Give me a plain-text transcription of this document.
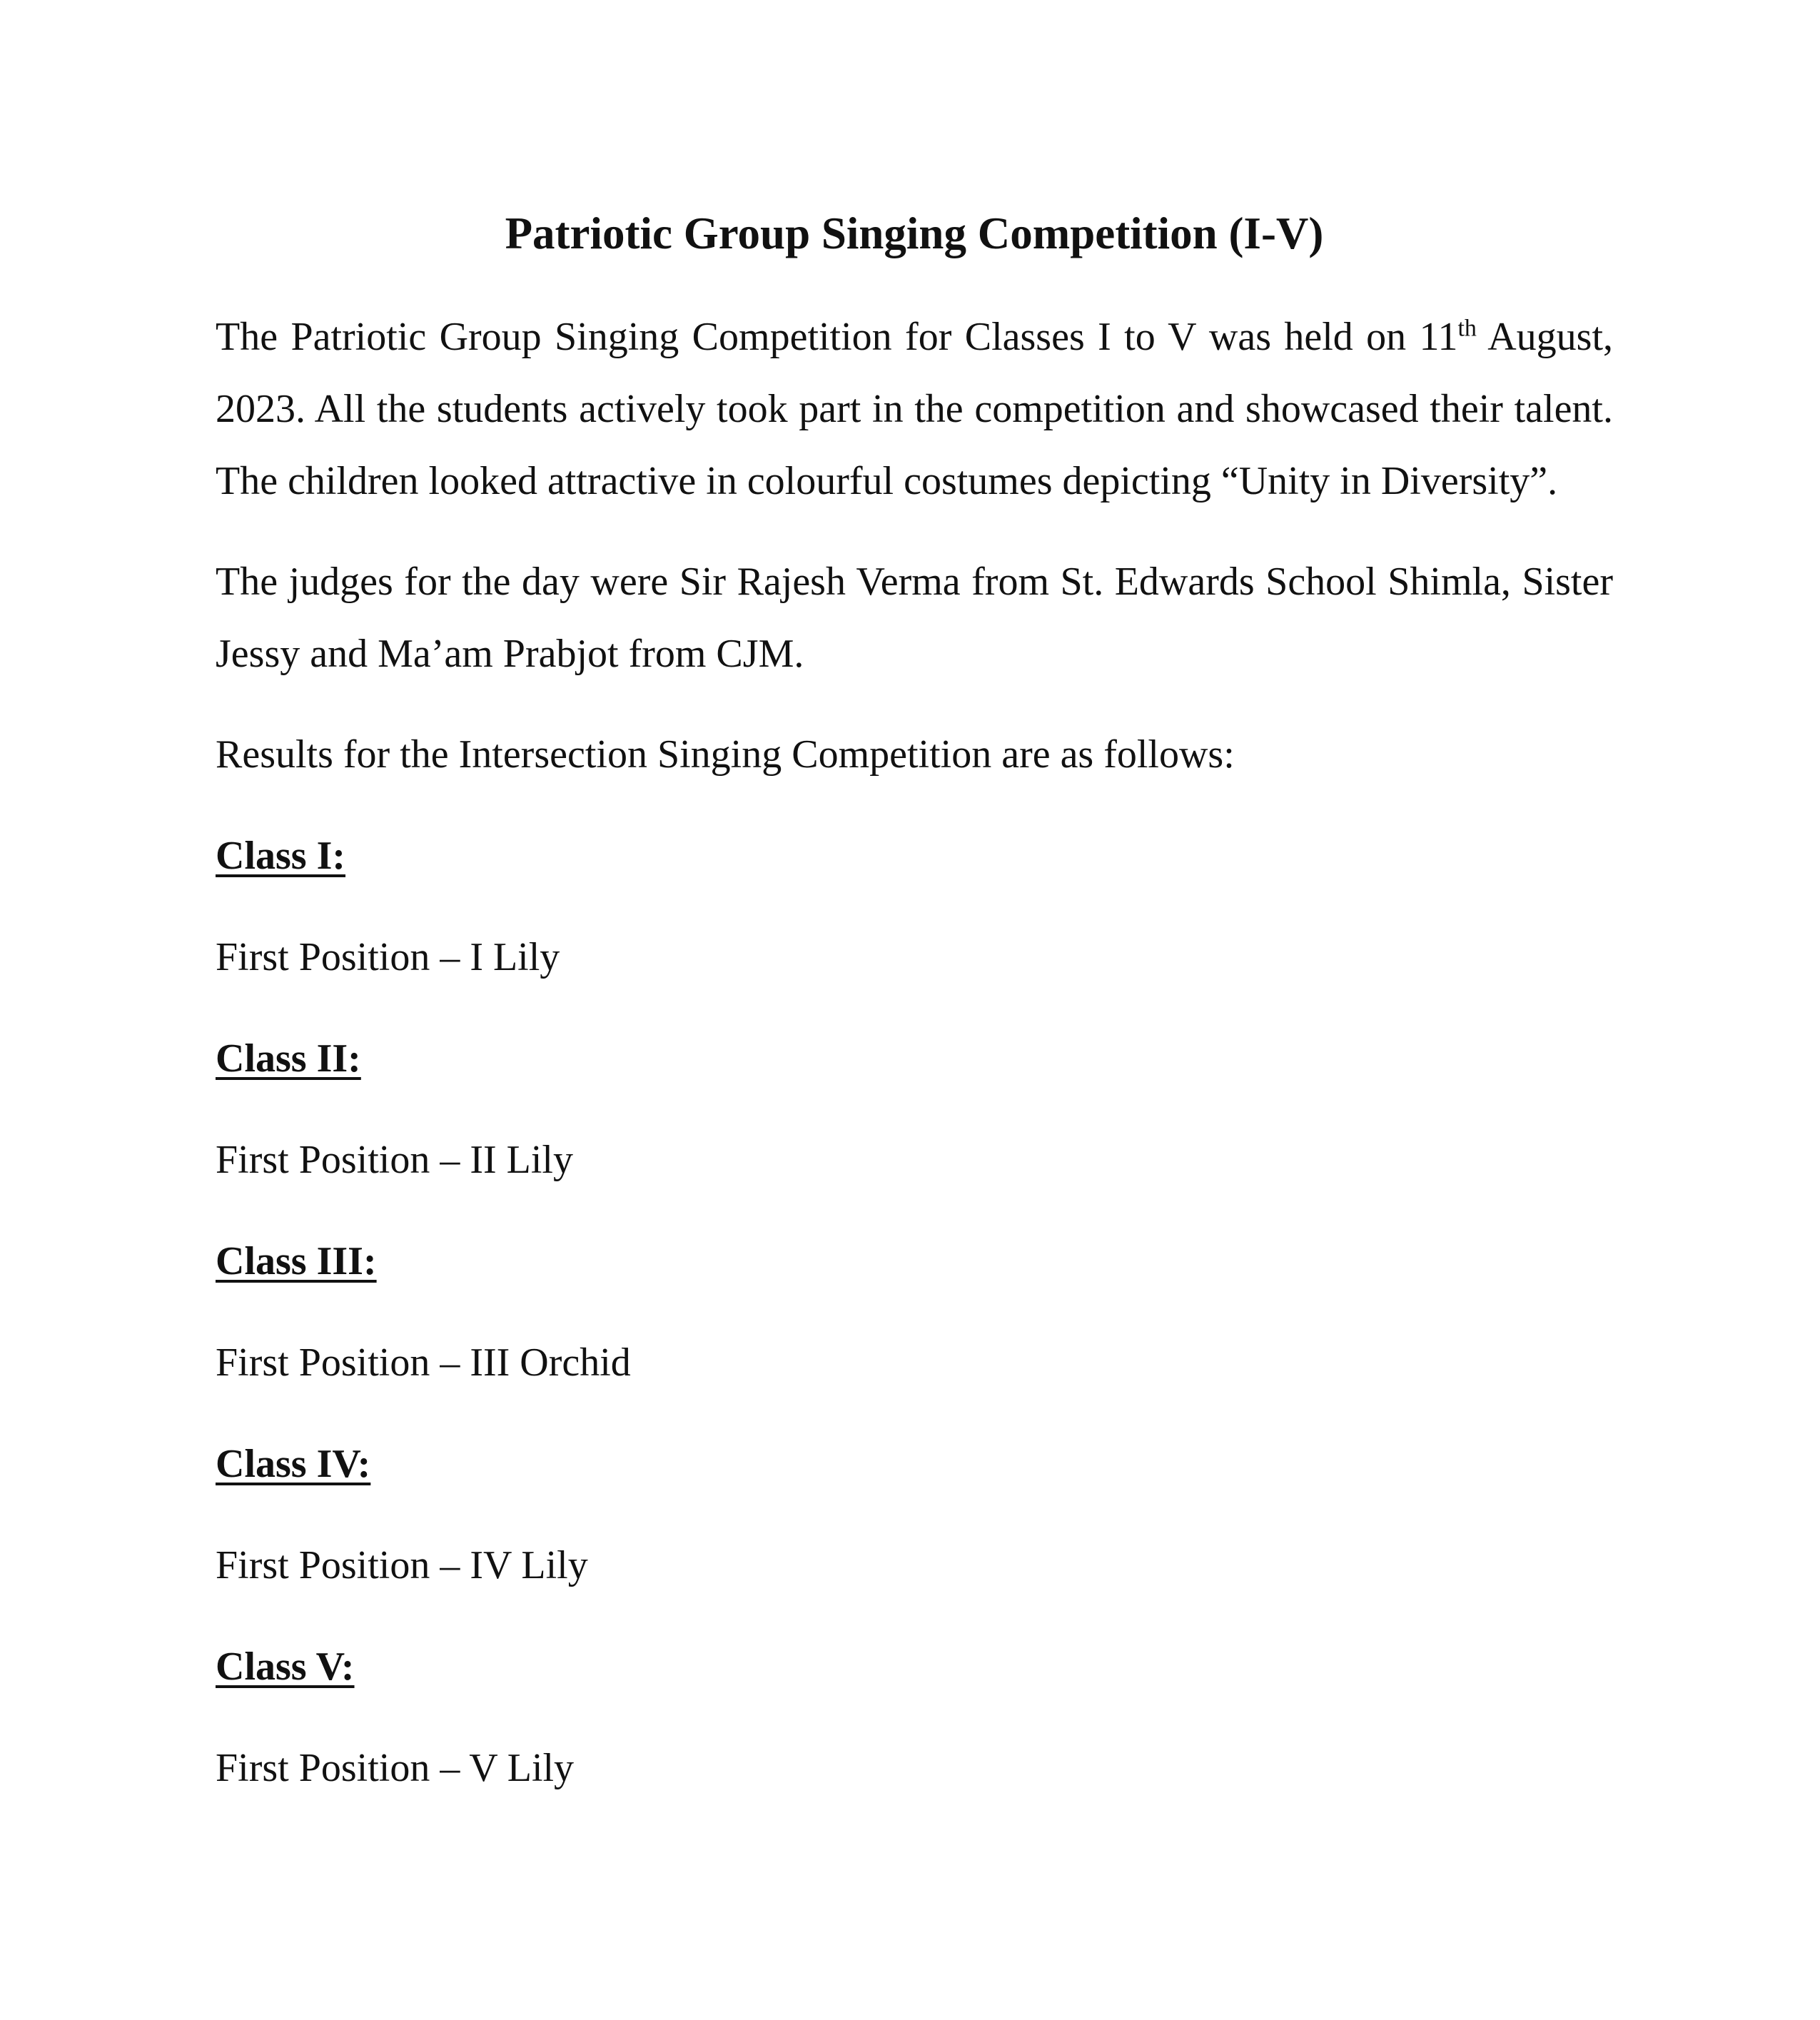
Patriotic Group Singing Competition (I-V)

The Patriotic Group Singing Competition for Classes I to V was held on 11th August, 2023. All the students actively took part in the competition and showcased their talent. The children looked attractive in colourful costumes depicting “Unity in Diversity”.

The judges for the day were Sir Rajesh Verma from St. Edwards School Shimla, Sister Jessy and Ma’am Prabjot from CJM.

Results for the Intersection Singing Competition are as follows:

Class I:

First Position – I Lily

Class II:

First Position – II Lily

Class III:

First Position – III Orchid

Class IV:

First Position – IV Lily

Class V:

First Position – V Lily
